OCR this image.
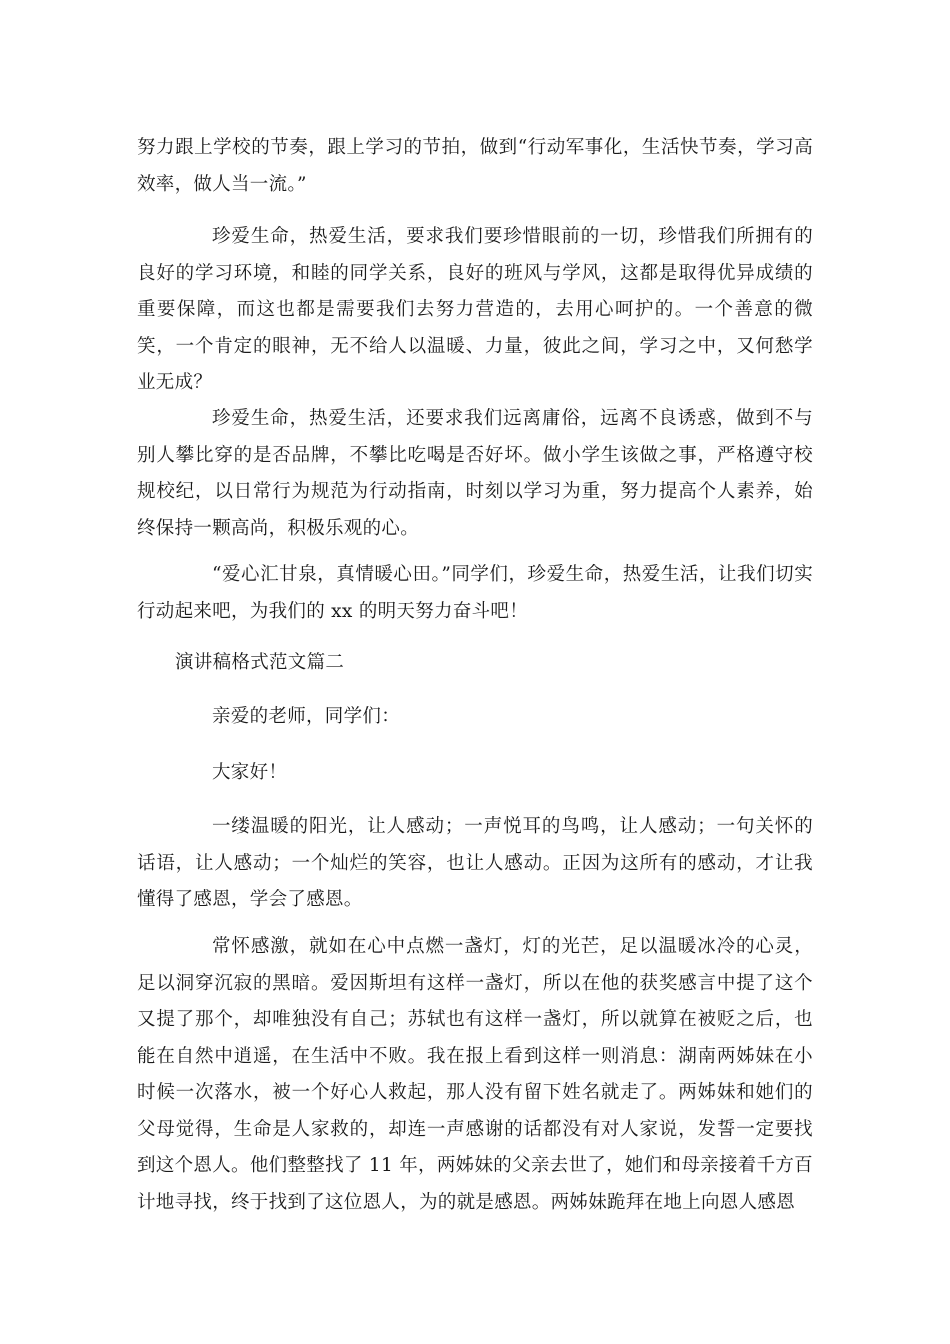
努力跟上学校的节奏，跟上学习的节拍，做到“行动军事化，生活快节奏，学习高效率，做人当一流。”

珍爱生命，热爱生活，要求我们要珍惜眼前的一切，珍惜我们所拥有的良好的学习环境，和睦的同学关系，良好的班风与学风，这都是取得优异成绩的重要保障，而这也都是需要我们去努力营造的，去用心呵护的。一个善意的微笑，一个肯定的眼神，无不给人以温暖、力量，彼此之间，学习之中，又何愁学业无成？

珍爱生命，热爱生活，还要求我们远离庸俗，远离不良诱惑，做到不与别人攀比穿的是否品牌，不攀比吃喝是否好坏。做小学生该做之事，严格遵守校规校纪，以日常行为规范为行动指南，时刻以学习为重，努力提高个人素养，始终保持一颗高尚，积极乐观的心。

“爱心汇甘泉，真情暖心田。”同学们，珍爱生命，热爱生活，让我们切实行动起来吧，为我们的 xx 的明天努力奋斗吧！

演讲稿格式范文篇二

亲爱的老师，同学们：

大家好！

一缕温暖的阳光，让人感动；一声悦耳的鸟鸣，让人感动；一句关怀的话语，让人感动；一个灿烂的笑容，也让人感动。正因为这所有的感动，才让我懂得了感恩，学会了感恩。

常怀感激，就如在心中点燃一盏灯，灯的光芒，足以温暖冰冷的心灵，足以洞穿沉寂的黑暗。爱因斯坦有这样一盏灯，所以在他的获奖感言中提了这个又提了那个，却唯独没有自己；苏轼也有这样一盏灯，所以就算在被贬之后，也能在自然中逍遥，在生活中不败。我在报上看到这样一则消息：湖南两姊妹在小时候一次落水，被一个好心人救起，那人没有留下姓名就走了。两姊妹和她们的父母觉得，生命是人家救的，却连一声感谢的话都没有对人家说，发誓一定要找到这个恩人。他们整整找了 11 年，两姊妹的父亲去世了，她们和母亲接着千方百计地寻找，终于找到了这位恩人，为的就是感恩。两姊妹跪拜在地上向恩人感恩
